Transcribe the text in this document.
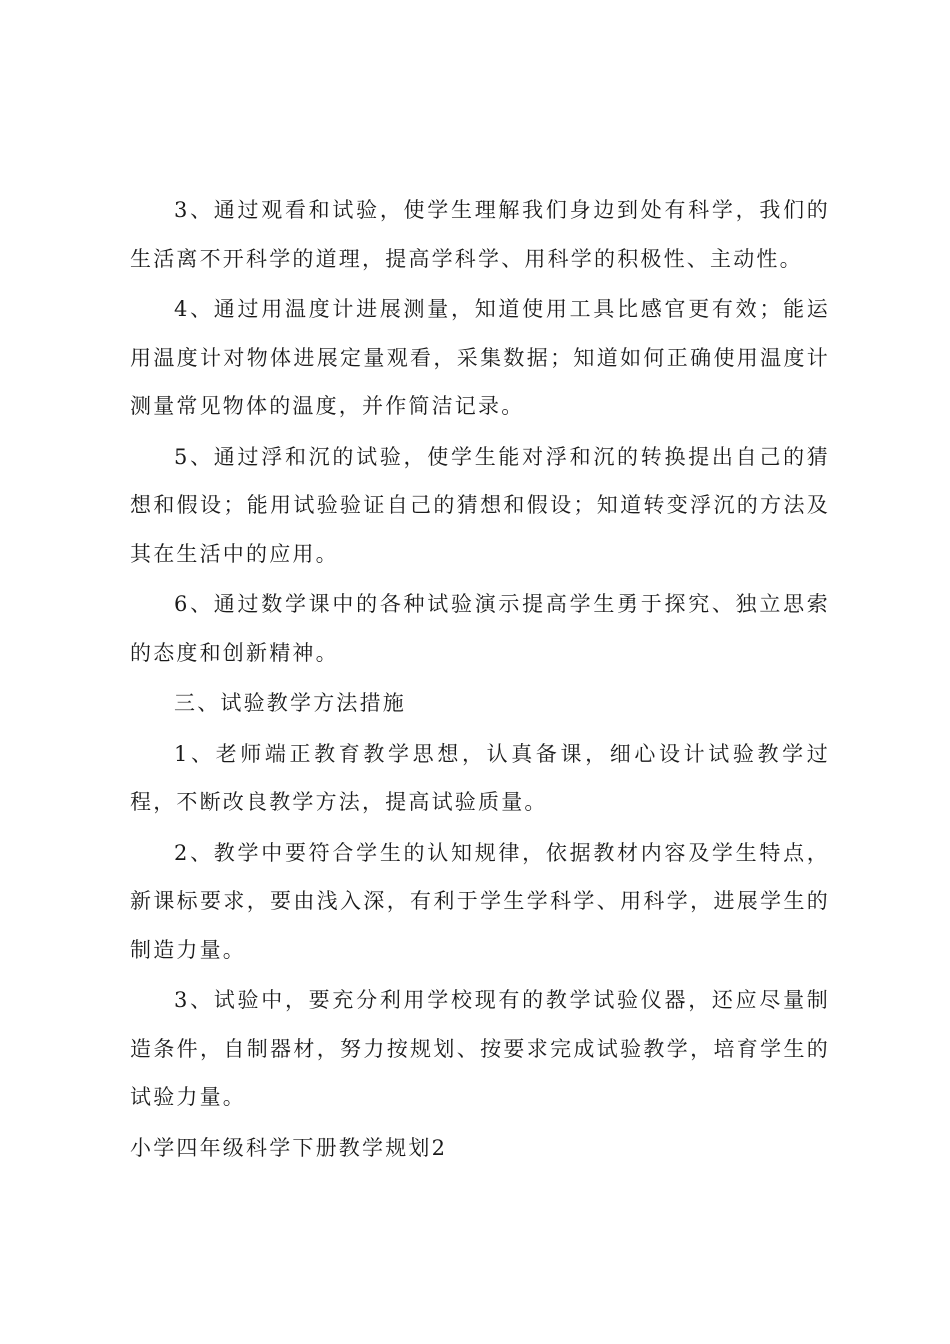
3、通过观看和试验，使学生理解我们身边到处有科学，我们的生活离不开科学的道理，提高学科学、用科学的积极性、主动性。

4、通过用温度计进展测量，知道使用工具比感官更有效；能运用温度计对物体进展定量观看，采集数据；知道如何正确使用温度计测量常见物体的温度，并作简洁记录。

5、通过浮和沉的试验，使学生能对浮和沉的转换提出自己的猜想和假设；能用试验验证自己的猜想和假设；知道转变浮沉的方法及其在生活中的应用。

6、通过数学课中的各种试验演示提高学生勇于探究、独立思索的态度和创新精神。

三、试验教学方法措施

1、老师端正教育教学思想，认真备课，细心设计试验教学过程，不断改良教学方法，提高试验质量。

2、教学中要符合学生的认知规律，依据教材内容及学生特点，新课标要求，要由浅入深，有利于学生学科学、用科学，进展学生的制造力量。

3、试验中，要充分利用学校现有的教学试验仪器，还应尽量制造条件，自制器材，努力按规划、按要求完成试验教学，培育学生的试验力量。

小学四年级科学下册教学规划2
